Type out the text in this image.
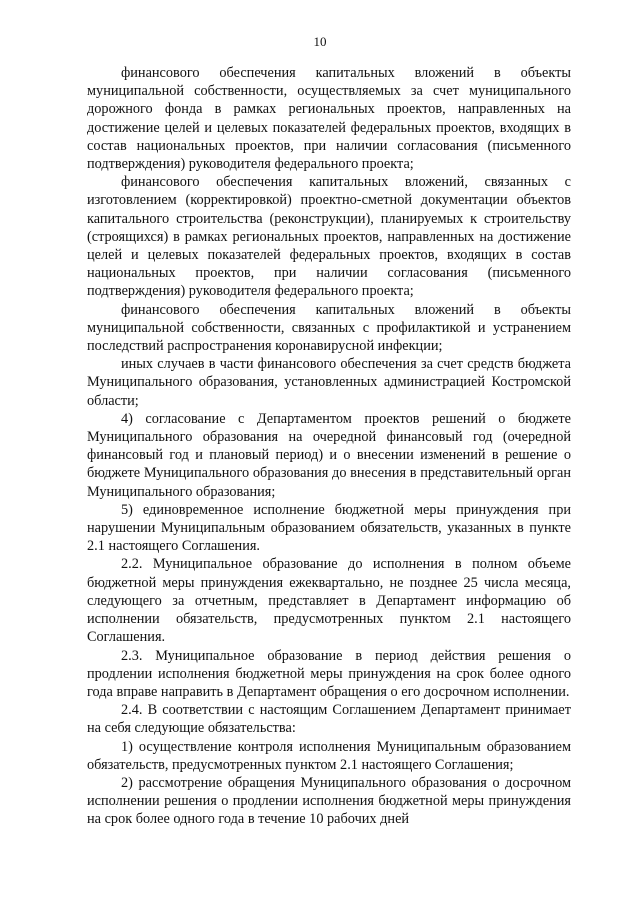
10

финансового обеспечения капитальных вложений в объекты муниципальной собственности, осуществляемых за счет муниципального дорожного фонда в рамках региональных проектов, направленных на достижение целей и целевых показателей федеральных проектов, входящих в состав национальных проектов, при наличии согласования (письменного подтверждения) руководителя федерального проекта;

финансового обеспечения капитальных вложений, связанных с изготовлением (корректировкой) проектно-сметной документации объектов капитального строительства (реконструкции), планируемых к строительству (строящихся) в рамках региональных проектов, направленных на достижение целей и целевых показателей федеральных проектов, входящих в состав национальных проектов, при наличии согласования (письменного подтверждения) руководителя федерального проекта;

финансового обеспечения капитальных вложений в объекты муниципальной собственности, связанных с профилактикой и устранением последствий распространения коронавирусной инфекции;

иных случаев в части финансового обеспечения за счет средств бюджета Муниципального образования, установленных администрацией Костромской области;

4) согласование с Департаментом проектов решений о бюджете Муниципального образования на очередной финансовый год (очередной финансовый год и плановый период) и о внесении изменений в решение о бюджете Муниципального образования до внесения в представительный орган Муниципального образования;

5) единовременное исполнение бюджетной меры принуждения при нарушении Муниципальным образованием обязательств, указанных в пункте 2.1 настоящего Соглашения.

2.2. Муниципальное образование до исполнения в полном объеме бюджетной меры принуждения ежеквартально, не позднее 25 числа месяца, следующего за отчетным, представляет в Департамент информацию об исполнении обязательств, предусмотренных пунктом 2.1 настоящего Соглашения.

2.3. Муниципальное образование в период действия решения о продлении исполнения бюджетной меры принуждения на срок более одного года вправе направить в Департамент обращения о его досрочном исполнении.

2.4. В соответствии с настоящим Соглашением Департамент принимает на себя следующие обязательства:

1) осуществление контроля исполнения Муниципальным образованием обязательств, предусмотренных пунктом 2.1 настоящего Соглашения;

2) рассмотрение обращения Муниципального образования о досрочном исполнении решения о продлении исполнения бюджетной меры принуждения на срок более одного года в течение 10 рабочих дней
